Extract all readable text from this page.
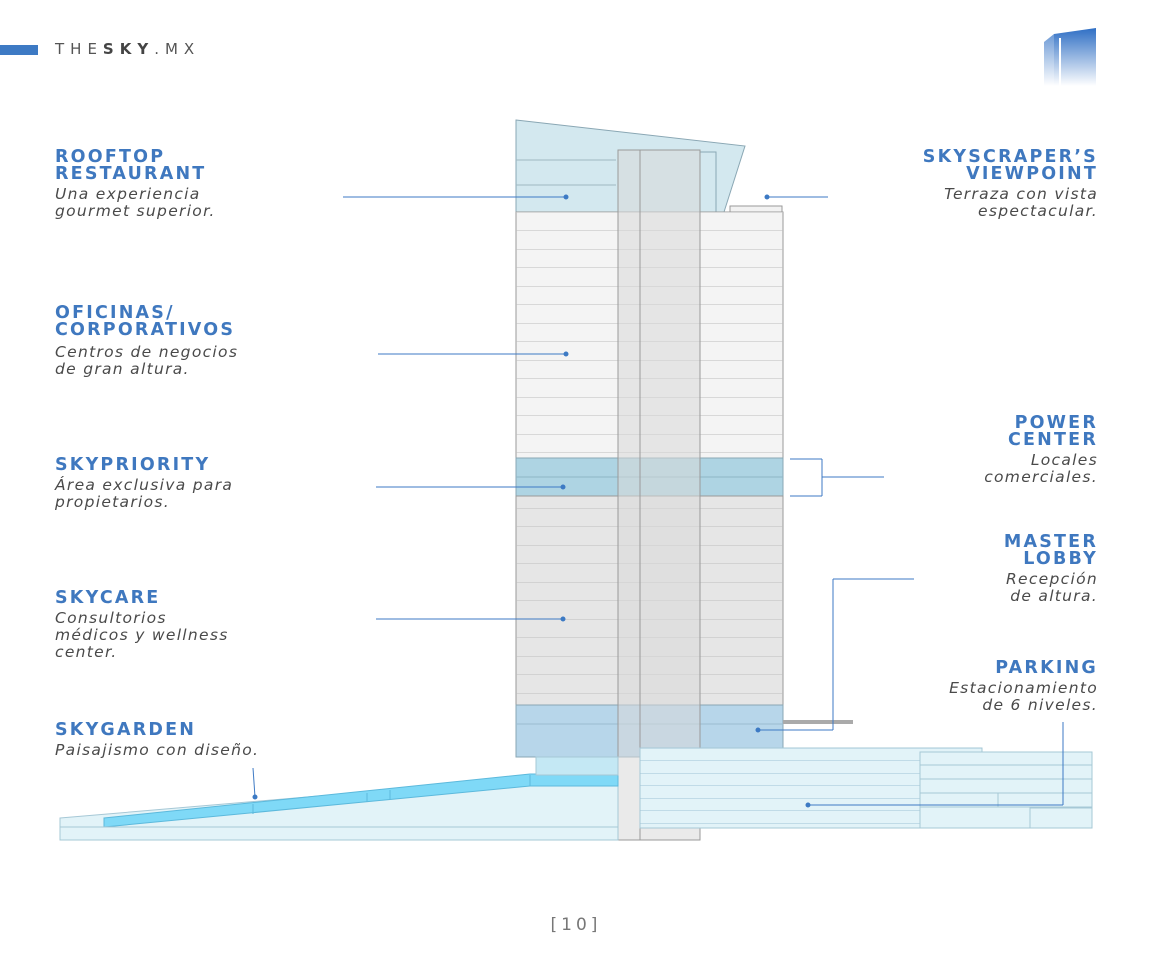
THESKY.MX
ROOFTOP
RESTAURANT
Una experiencia
gourmet superior.
OFICINAS/
CORPORATIVOS
Centros de negocios
de gran altura.
SKYPRIORITY
Área exclusiva para
propietarios.
SKYCARE
Consultorios
médicos y wellness
center.
SKYGARDEN
Paisajismo con diseño.
SKYSCRAPER’S
VIEWPOINT
Terraza con vista
espectacular.
POWER
CENTER
Locales
comerciales.
MASTER
LOBBY
Recepción
de altura.
PARKING
Estacionamiento
de 6 niveles.
[10]
